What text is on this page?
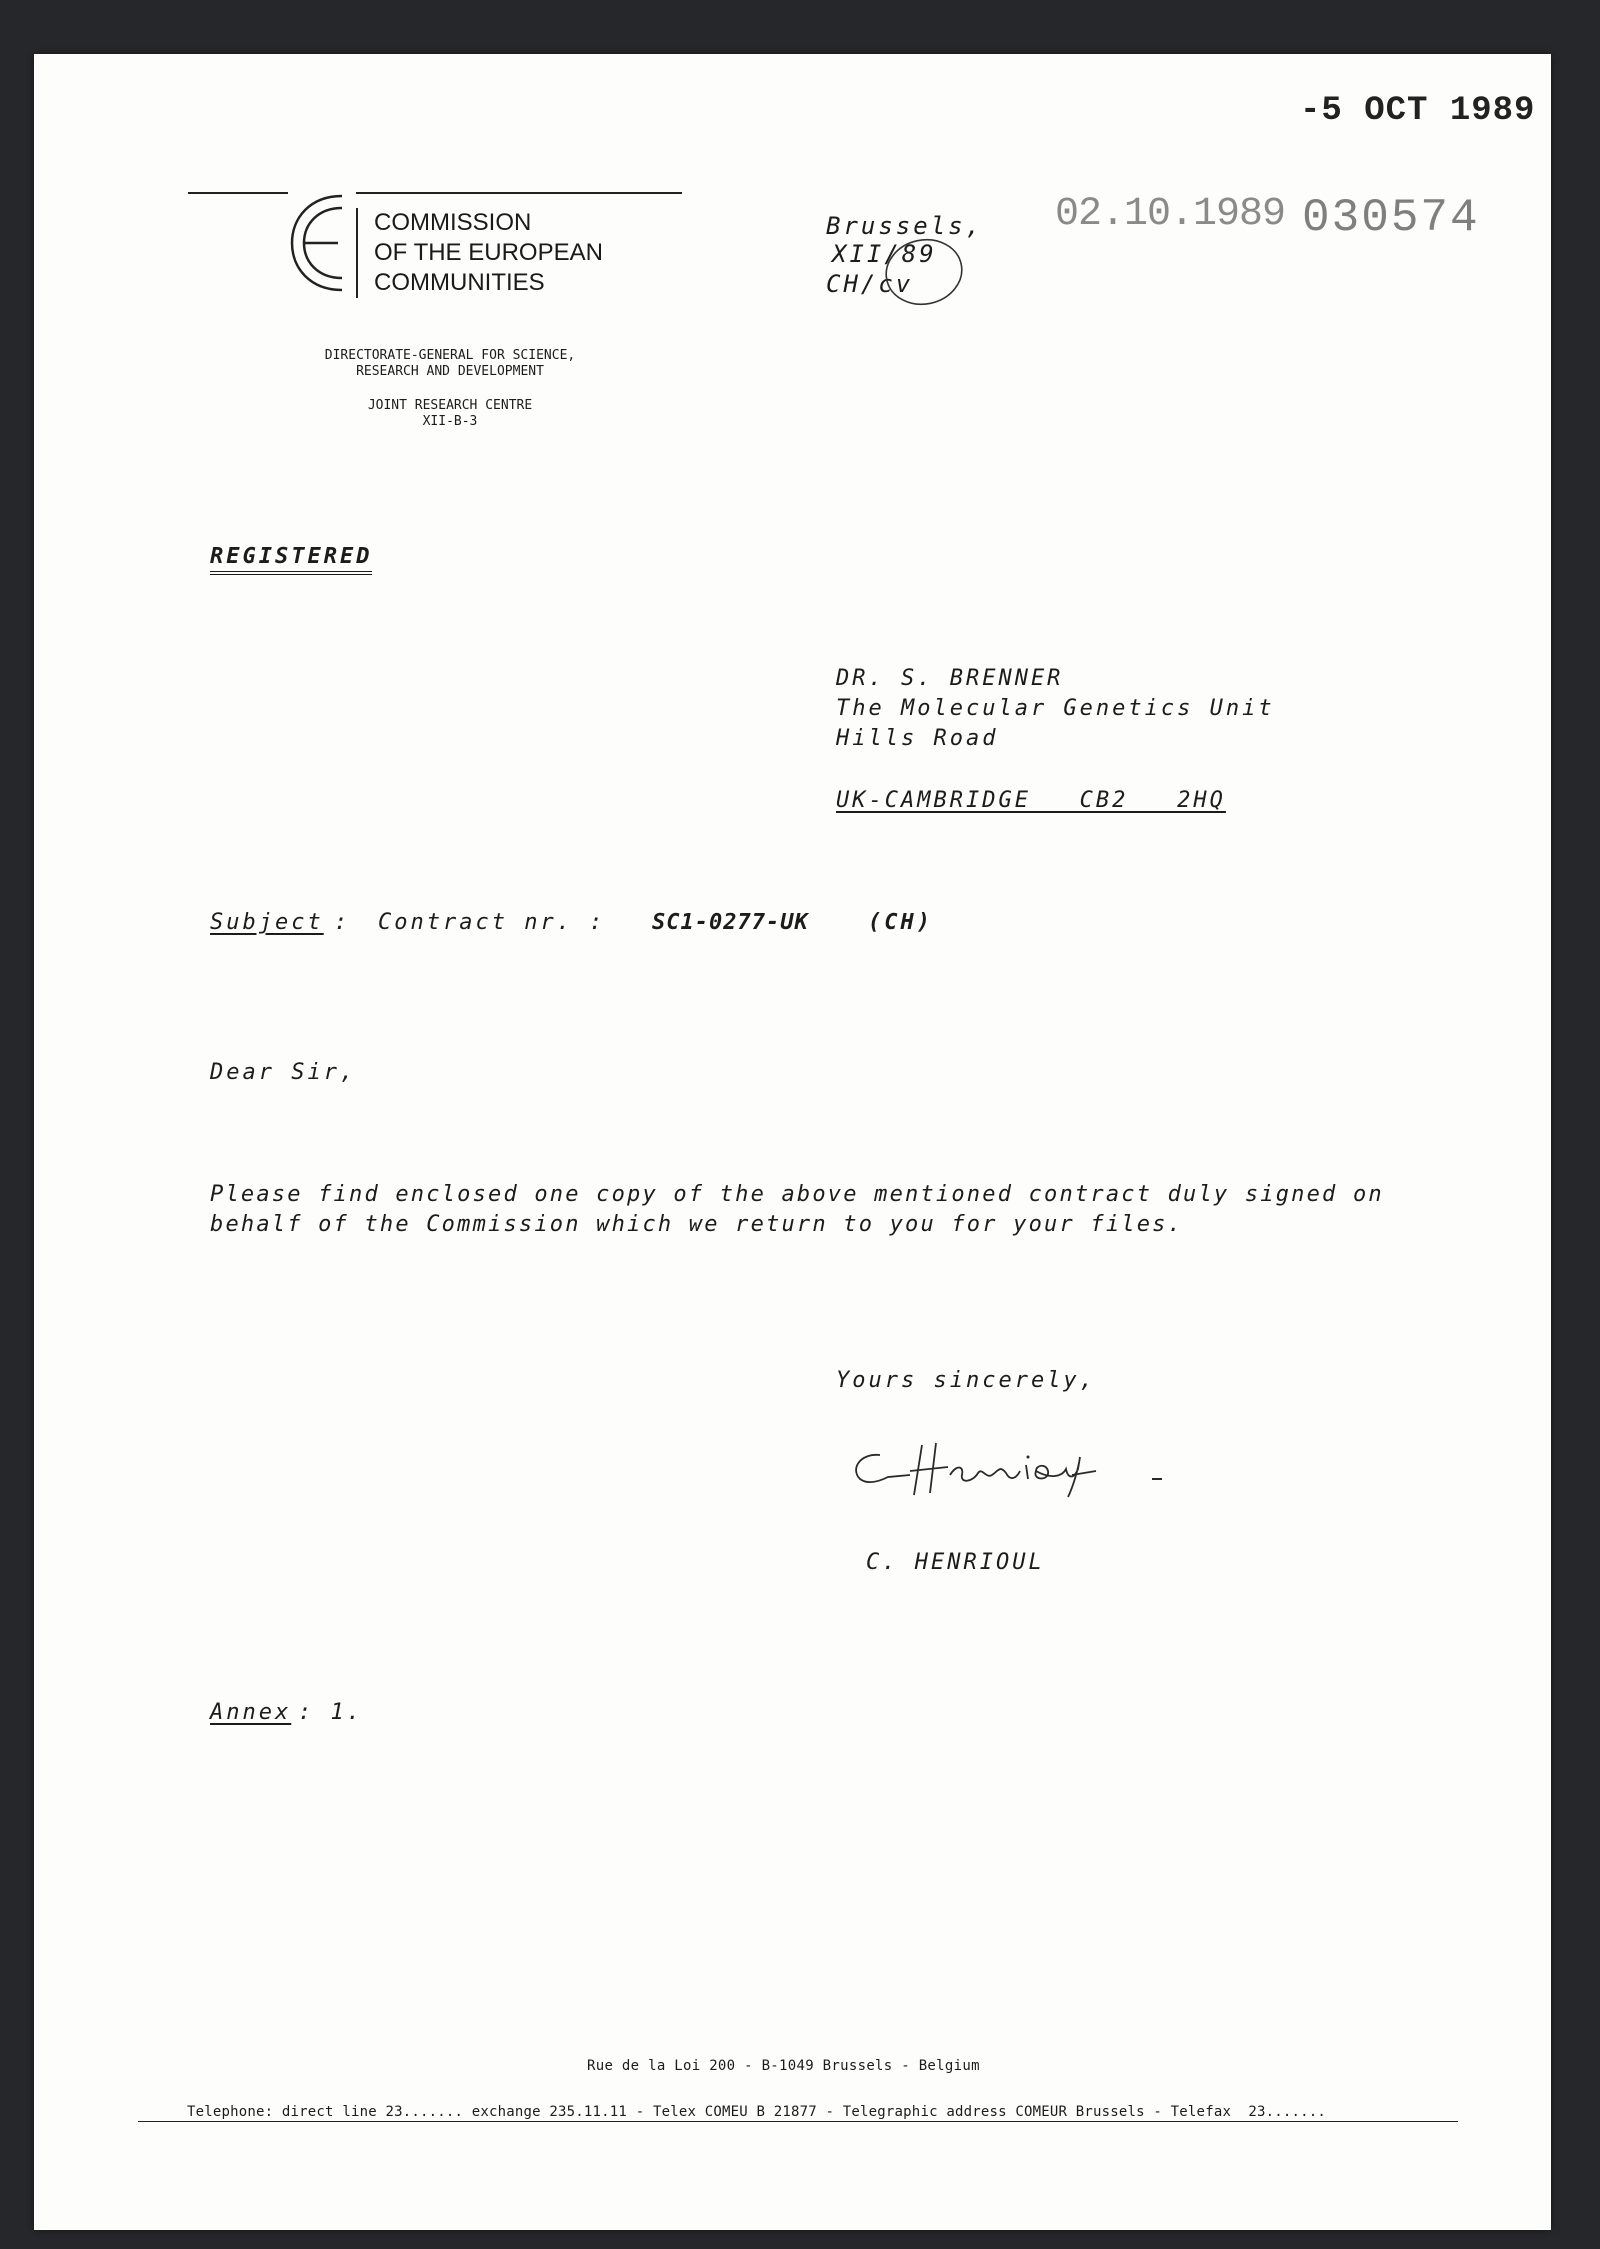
-5 OCT 1989
02.10.1989 030574
COMMISSION
OF THE EUROPEAN
COMMUNITIES
DIRECTORATE-GENERAL FOR SCIENCE,
RESEARCH AND DEVELOPMENT
JOINT RESEARCH CENTRE
XII-B-3
Brussels,
XII/89
CH/cv
REGISTERED
DR. S. BRENNER
The Molecular Genetics Unit
Hills Road
UK-CAMBRIDGE   CB2   2HQ
Subject : Contract nr. : SC1-0277-UK	(CH)
Dear Sir,
Please find enclosed one copy of the above mentioned contract duly signed on
behalf of the Commission which we return to you for your files.
Yours sincerely,
C. HENRIOUL
Annex : 1.
Rue de la Loi 200 - B-1049 Brussels - Belgium
Telephone: direct line 23....... exchange 235.11.11 - Telex COMEU B 21877 - Telegraphic address COMEUR Brussels - Telefax  23.......
